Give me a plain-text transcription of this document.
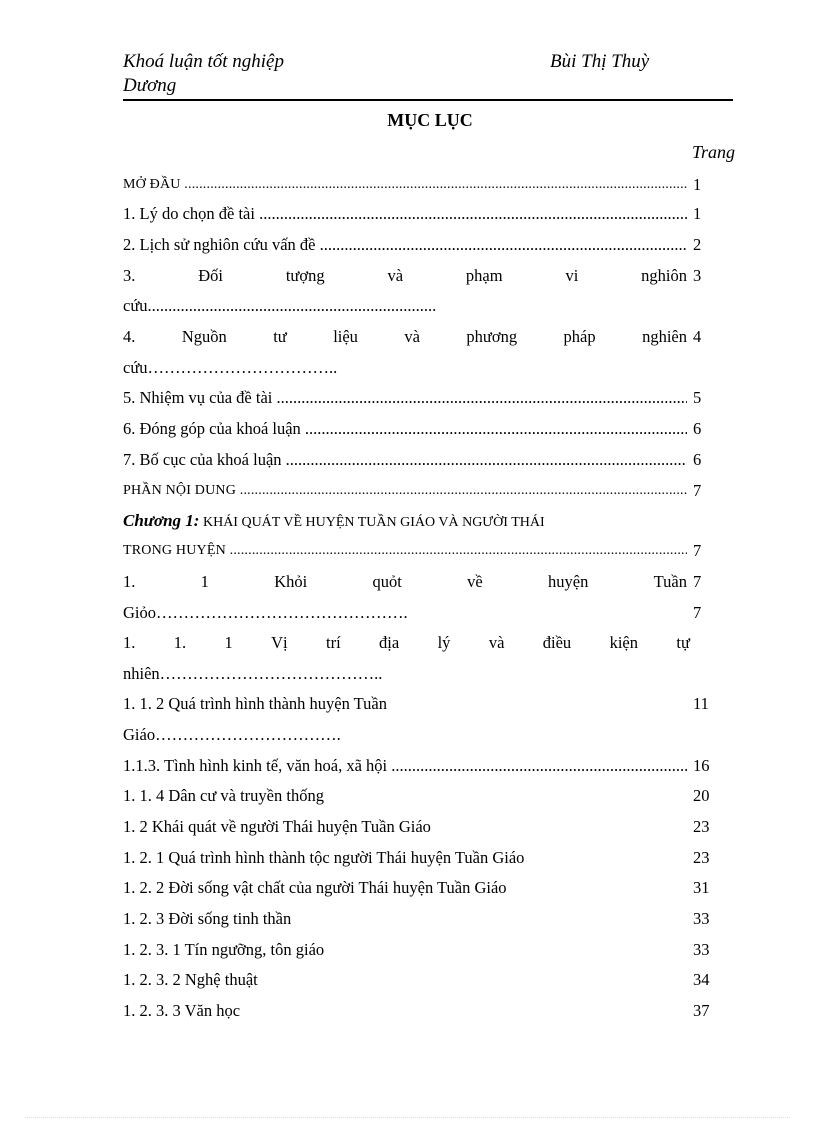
Khoá luận tốt nghiệp
Dương
Bùi Thị Thuỳ
MỤC LỤC
Trang
MỞ ĐẦU .....	1
1. Lý do chọn đề tài .....	1
2. Lịch sử nghiôn cứu vấn đề .....	2
3.	Đối	tượng	và	phạm	vi	nghiôn 3
cứu......................................................................
4.	Nguồn	tư	liệu	và	phương	pháp	nghiên 4
cứu……………………………..
5. Nhiệm vụ của đề tài .....	5
6. Đóng góp của khoá luận .....	6
7. Bố cục của khoá luận .....	6
PHẦN NỘI DUNG .....	7
Chương 1: KHÁI QUÁT VỀ HUYỆN TUẦN GIÁO VÀ NGƯỜI THÁI
TRONG HUYỆN .....	7
1.	1	Khỏi	quỏt	về	huyện	Tuần 7
Giỏo……………………………………….	7
1. 1. 1 Vị trí địa lý và điều kiện tự
nhiên…………………………………..
1. 1. 2 Quá trình hình thành huyện Tuần	11
Giáo…………………………….
1.1.3. Tình hình kinh tế, văn hoá, xã hội .....	16
1. 1. 4 Dân cư và truyền thống	20
1. 2 Khái quát về người Thái huyện Tuần Giáo	23
1. 2. 1 Quá trình hình thành tộc người Thái huyện Tuần Giáo	23
1. 2. 2 Đời sống vật chất của người Thái huyện Tuần Giáo	31
1. 2. 3 Đời sống tinh thần	33
1. 2. 3. 1 Tín ngưỡng, tôn giáo	33
1. 2. 3. 2 Nghệ thuật	34
1. 2. 3. 3 Văn học	37
